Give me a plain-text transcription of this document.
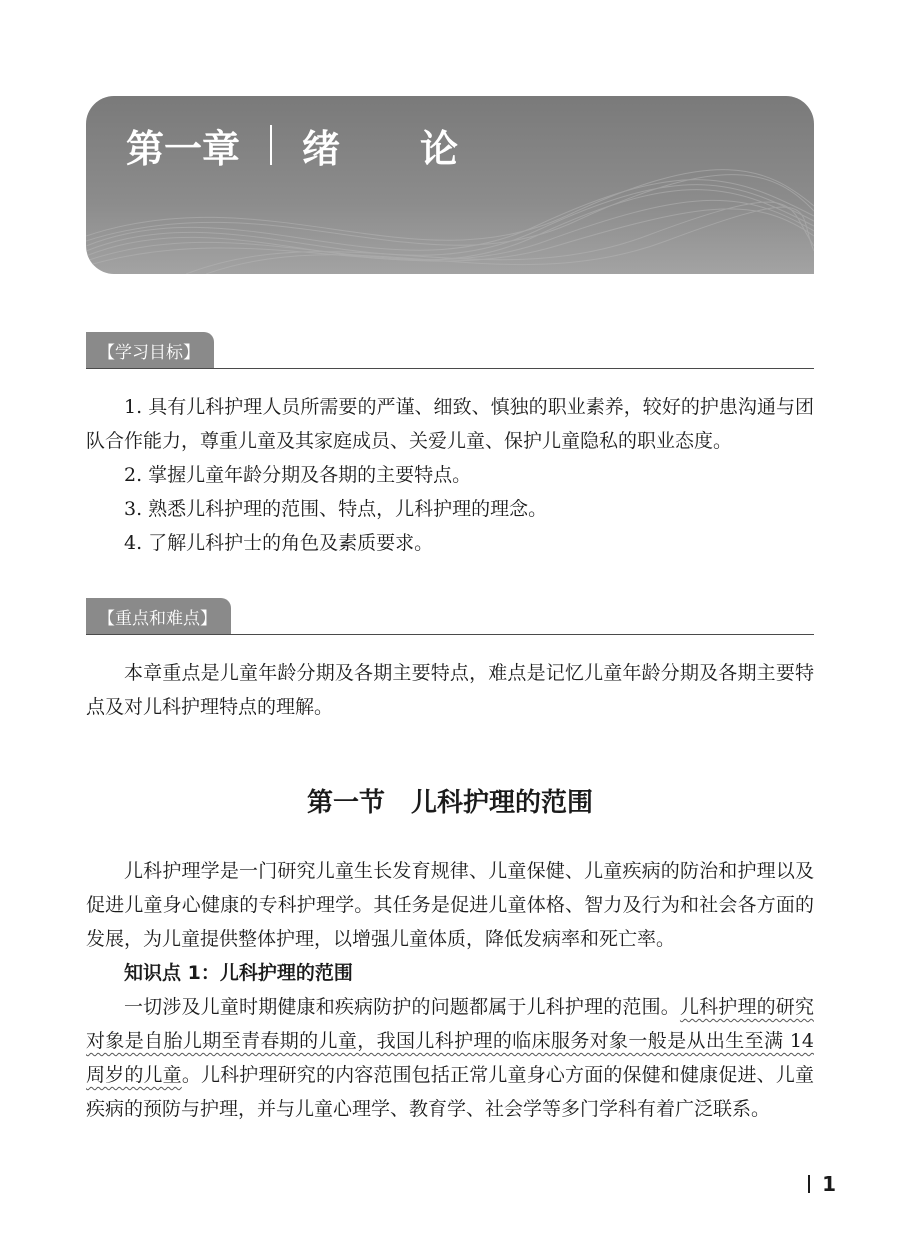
第一章 绪 论
【学习目标】

1. 具有儿科护理人员所需要的严谨、细致、慎独的职业素养，较好的护患沟通与团队合作能力，尊重儿童及其家庭成员、关爱儿童、保护儿童隐私的职业态度。

2. 掌握儿童年龄分期及各期的主要特点。
3. 熟悉儿科护理的范围、特点，儿科护理的理念。
4. 了解儿科护士的角色及素质要求。
【重点和难点】

本章重点是儿童年龄分期及各期主要特点，难点是记忆儿童年龄分期及各期主要特点及对儿科护理特点的理解。

第一节　儿科护理的范围

儿科护理学是一门研究儿童生长发育规律、儿童保健、儿童疾病的防治和护理以及促进儿童身心健康的专科护理学。其任务是促进儿童体格、智力及行为和社会各方面的发展，为儿童提供整体护理，以增强儿童体质，降低发病率和死亡率。

知识点 1：儿科护理的范围

一切涉及儿童时期健康和疾病防护的问题都属于儿科护理的范围。儿科护理的研究对象是自胎儿期至青春期的儿童，我国儿科护理的临床服务对象一般是从出生至满 14 周岁的儿童。儿科护理研究的内容范围包括正常儿童身心方面的保健和健康促进、儿童疾病的预防与护理，并与儿童心理学、教育学、社会学等多门学科有着广泛联系。

1
